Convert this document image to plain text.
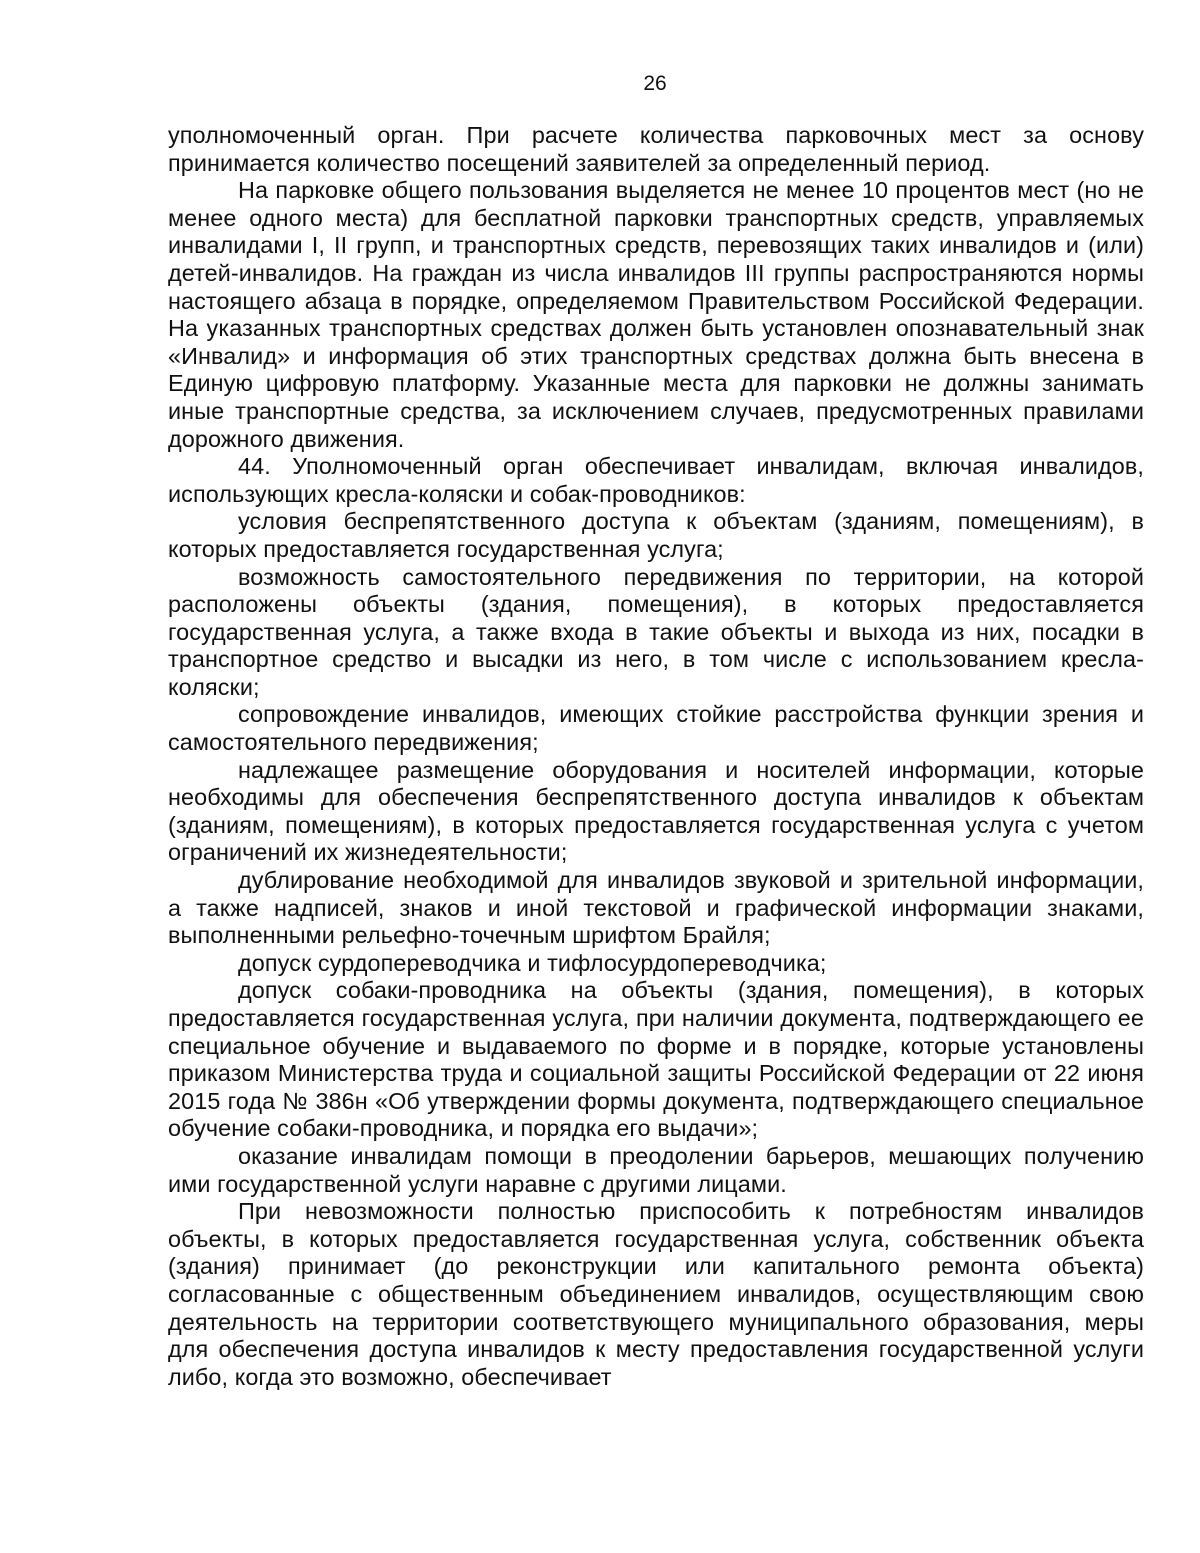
26

уполномоченный орган. При расчете количества парковочных мест за основу принимается количество посещений заявителей за определенный период.

На парковке общего пользования выделяется не менее 10 процентов мест (но не менее одного места) для бесплатной парковки транспортных средств, управляемых инвалидами I, II групп, и транспортных средств, перевозящих таких инвалидов и (или) детей-инвалидов. На граждан из числа инвалидов III группы распространяются нормы настоящего абзаца в порядке, определяемом Правительством Российской Федерации. На указанных транспортных средствах должен быть установлен опознавательный знак «Инвалид» и информация об этих транспортных средствах должна быть внесена в Единую цифровую платформу. Указанные места для парковки не должны занимать иные транспортные средства, за исключением случаев, предусмотренных правилами дорожного движения.

44. Уполномоченный орган обеспечивает инвалидам, включая инвалидов, использующих кресла-коляски и собак-проводников:

условия беспрепятственного доступа к объектам (зданиям, помещениям), в которых предоставляется государственная услуга;

возможность самостоятельного передвижения по территории, на которой расположены объекты (здания, помещения), в которых предоставляется государственная услуга, а также входа в такие объекты и выхода из них, посадки в транспортное средство и высадки из него, в том числе с использованием кресла-коляски;

сопровождение инвалидов, имеющих стойкие расстройства функции зрения и самостоятельного передвижения;

надлежащее размещение оборудования и носителей информации, которые необходимы для обеспечения беспрепятственного доступа инвалидов к объектам (зданиям, помещениям), в которых предоставляется государственная услуга с учетом ограничений их жизнедеятельности;

дублирование необходимой для инвалидов звуковой и зрительной информации, а также надписей, знаков и иной текстовой и графической информации знаками, выполненными рельефно-точечным шрифтом Брайля;

допуск сурдопереводчика и тифлосурдопереводчика;

допуск собаки-проводника на объекты (здания, помещения), в которых предоставляется государственная услуга, при наличии документа, подтверждающего ее специальное обучение и выдаваемого по форме и в порядке, которые установлены приказом Министерства труда и социальной защиты Российской Федерации от 22 июня 2015 года № 386н «Об утверждении формы документа, подтверждающего специальное обучение собаки-проводника, и порядка его выдачи»;

оказание инвалидам помощи в преодолении барьеров, мешающих получению ими государственной услуги наравне с другими лицами.

При невозможности полностью приспособить к потребностям инвалидов объекты, в которых предоставляется государственная услуга, собственник объекта (здания) принимает (до реконструкции или капитального ремонта объекта) согласованные с общественным объединением инвалидов, осуществляющим свою деятельность на территории соответствующего муниципального образования, меры для обеспечения доступа инвалидов к месту предоставления государственной услуги либо, когда это возможно, обеспечивает
